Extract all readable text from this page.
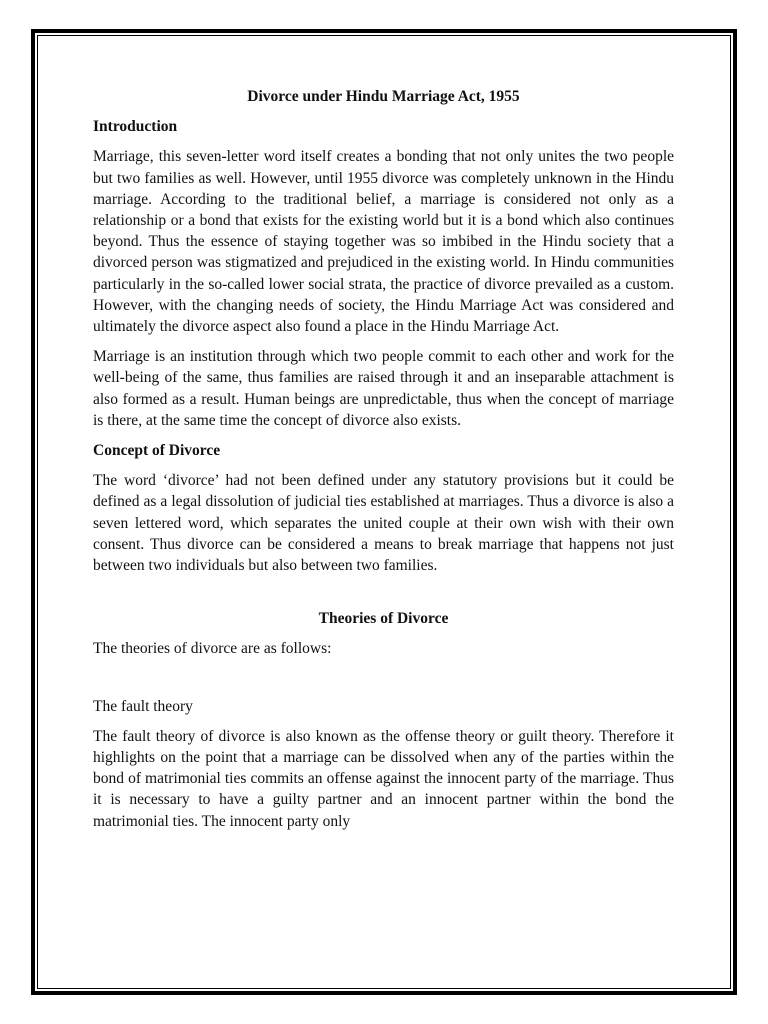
Divorce under Hindu Marriage Act, 1955
Introduction
Marriage, this seven-letter word itself creates a bonding that not only unites the two people but two families as well. However, until 1955 divorce was completely unknown in the Hindu marriage. According to the traditional belief, a marriage is considered not only as a relationship or a bond that exists for the existing world but it is a bond which also continues beyond. Thus the essence of staying together was so imbibed in the Hindu society that a divorced person was stigmatized and prejudiced in the existing world. In Hindu communities particularly in the so-called lower social strata, the practice of divorce prevailed as a custom. However, with the changing needs of society, the Hindu Marriage Act was considered and ultimately the divorce aspect also found a place in the Hindu Marriage Act.
Marriage is an institution through which two people commit to each other and work for the well-being of the same, thus families are raised through it and an inseparable attachment is also formed as a result. Human beings are unpredictable, thus when the concept of marriage is there, at the same time the concept of divorce also exists.
Concept of Divorce
The word ‘divorce’ had not been defined under any statutory provisions but it could be defined as a legal dissolution of judicial ties established at marriages. Thus a divorce is also a seven lettered word, which separates the united couple at their own wish with their own consent. Thus divorce can be considered a means to break marriage that happens not just between two individuals but also between two families.
Theories of Divorce
The theories of divorce are as follows:
The fault theory
The fault theory of divorce is also known as the offense theory or guilt theory. Therefore it highlights on the point that a marriage can be dissolved when any of the parties within the bond of matrimonial ties commits an offense against the innocent party of the marriage. Thus it is necessary to have a guilty partner and an innocent partner within the bond the matrimonial ties. The innocent party only
